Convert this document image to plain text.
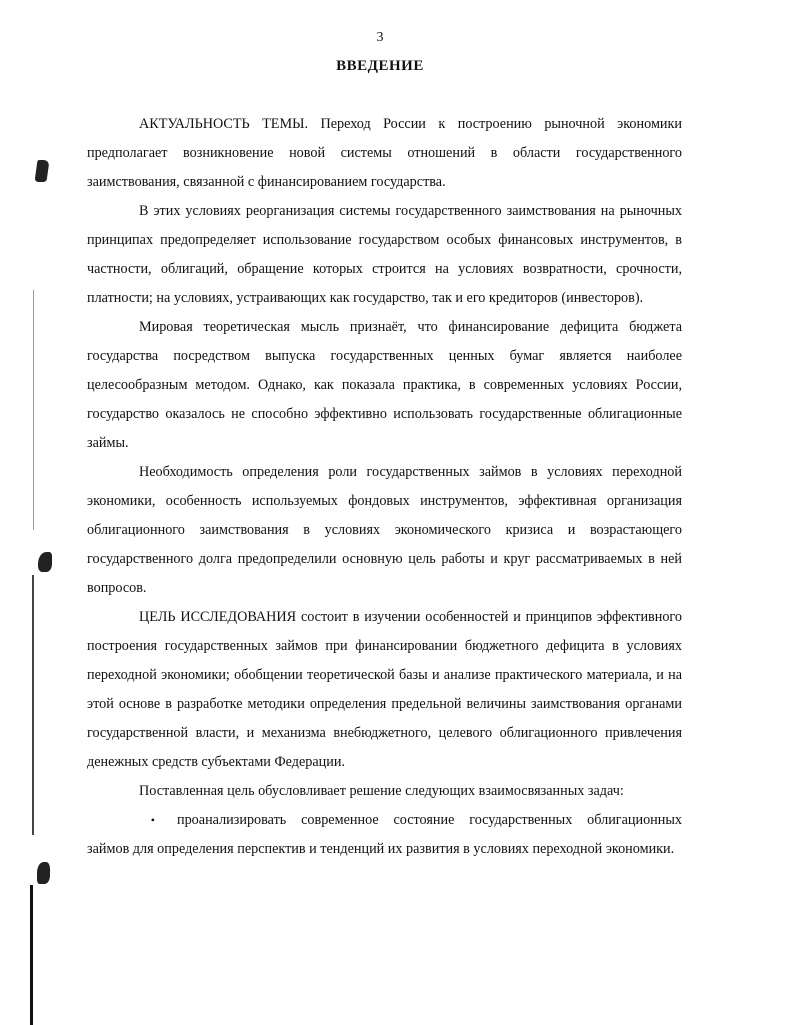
3
ВВЕДЕНИЕ

АКТУАЛЬНОСТЬ ТЕМЫ. Переход России к построению рыночной экономики предполагает возникновение новой системы отношений в области государственного заимствования, связанной с финансированием государства.

В этих условиях реорганизация системы государственного заимствования на рыночных принципах предопределяет использование государством особых финансовых инструментов, в частности, облигаций, обращение которых строится на условиях возвратности, срочности, платности; на условиях, устраивающих как государство, так и его кредиторов (инвесторов).

Мировая теоретическая мысль признаёт, что финансирование дефицита бюджета государства посредством выпуска государственных ценных бумаг является наиболее целесообразным методом. Однако, как показала практика, в современных условиях России, государство оказалось не способно эффективно использовать государственные облигационные займы.

Необходимость определения роли государственных займов в условиях переходной экономики, особенность используемых фондовых инструментов, эффективная организация облигационного заимствования в условиях экономического кризиса и возрастающего государственного долга предопределили основную цель работы и круг рассматриваемых в ней вопросов.

ЦЕЛЬ ИССЛЕДОВАНИЯ состоит в изучении особенностей и принципов эффективного построения государственных займов при финансировании бюджетного дефицита в условиях переходной экономики; обобщении теоретической базы и анализе практического материала, и на этой основе в разработке методики определения предельной величины заимствования органами государственной власти, и механизма внебюджетного, целевого облигационного привлечения денежных средств субъектами Федерации.

Поставленная цель обусловливает решение следующих взаимосвязанных задач:

• проанализировать современное состояние государственных облигационных займов для определения перспектив и тенденций их развития в условиях переходной экономики.
